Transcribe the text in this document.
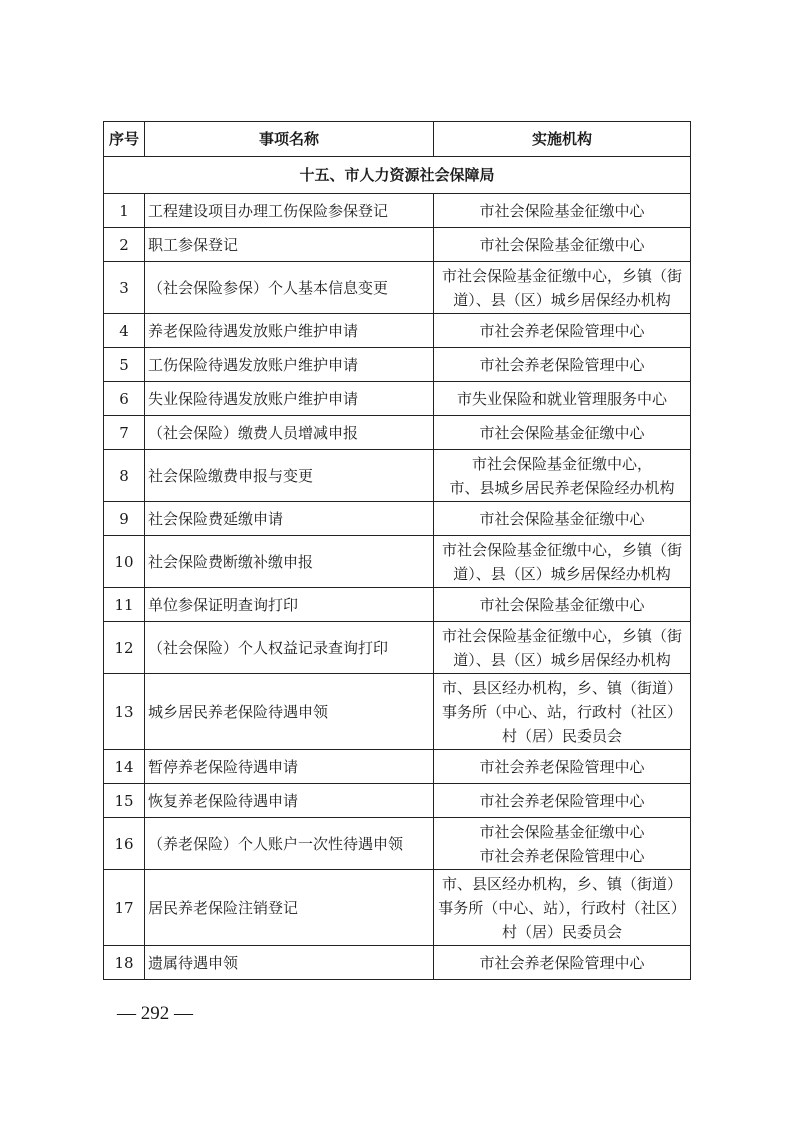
序号	事项名称	实施机构
十五、市人力资源社会保障局		
1	工程建设项目办理工伤保险参保登记	市社会保险基金征缴中心

2	职工参保登记	市社会保险基金征缴中心

3	（社会保险参保）个人基本信息变更	市社会保险基金征缴中心，乡镇（街
道）、县（区）城乡居保经办机构

4	养老保险待遇发放账户维护申请	市社会养老保险管理中心

5	工伤保险待遇发放账户维护申请	市社会养老保险管理中心

6	失业保险待遇发放账户维护申请	市失业保险和就业管理服务中心

7	（社会保险）缴费人员增减申报	市社会保险基金征缴中心

8	社会保险缴费申报与变更	市社会保险基金征缴中心，
市、县城乡居民养老保险经办机构

9	社会保险费延缴申请	市社会保险基金征缴中心

10	社会保险费断缴补缴申报	市社会保险基金征缴中心，乡镇（街
道）、县（区）城乡居保经办机构

11	单位参保证明查询打印	市社会保险基金征缴中心

12	（社会保险）个人权益记录查询打印	市社会保险基金征缴中心，乡镇（街
道）、县（区）城乡居保经办机构

13	城乡居民养老保险待遇申领	市、县区经办机构，乡、镇（街道）
事务所（中心、站，行政村（社区）
村（居）民委员会

14	暂停养老保险待遇申请	市社会养老保险管理中心

15	恢复养老保险待遇申请	市社会养老保险管理中心

16	（养老保险）个人账户一次性待遇申领	市社会保险基金征缴中心
市社会养老保险管理中心

17	居民养老保险注销登记	市、县区经办机构，乡、镇（街道）
事务所（中心、站），行政村（社区）
村（居）民委员会

18	遗属待遇申领	市社会养老保险管理中心
— 292 —
